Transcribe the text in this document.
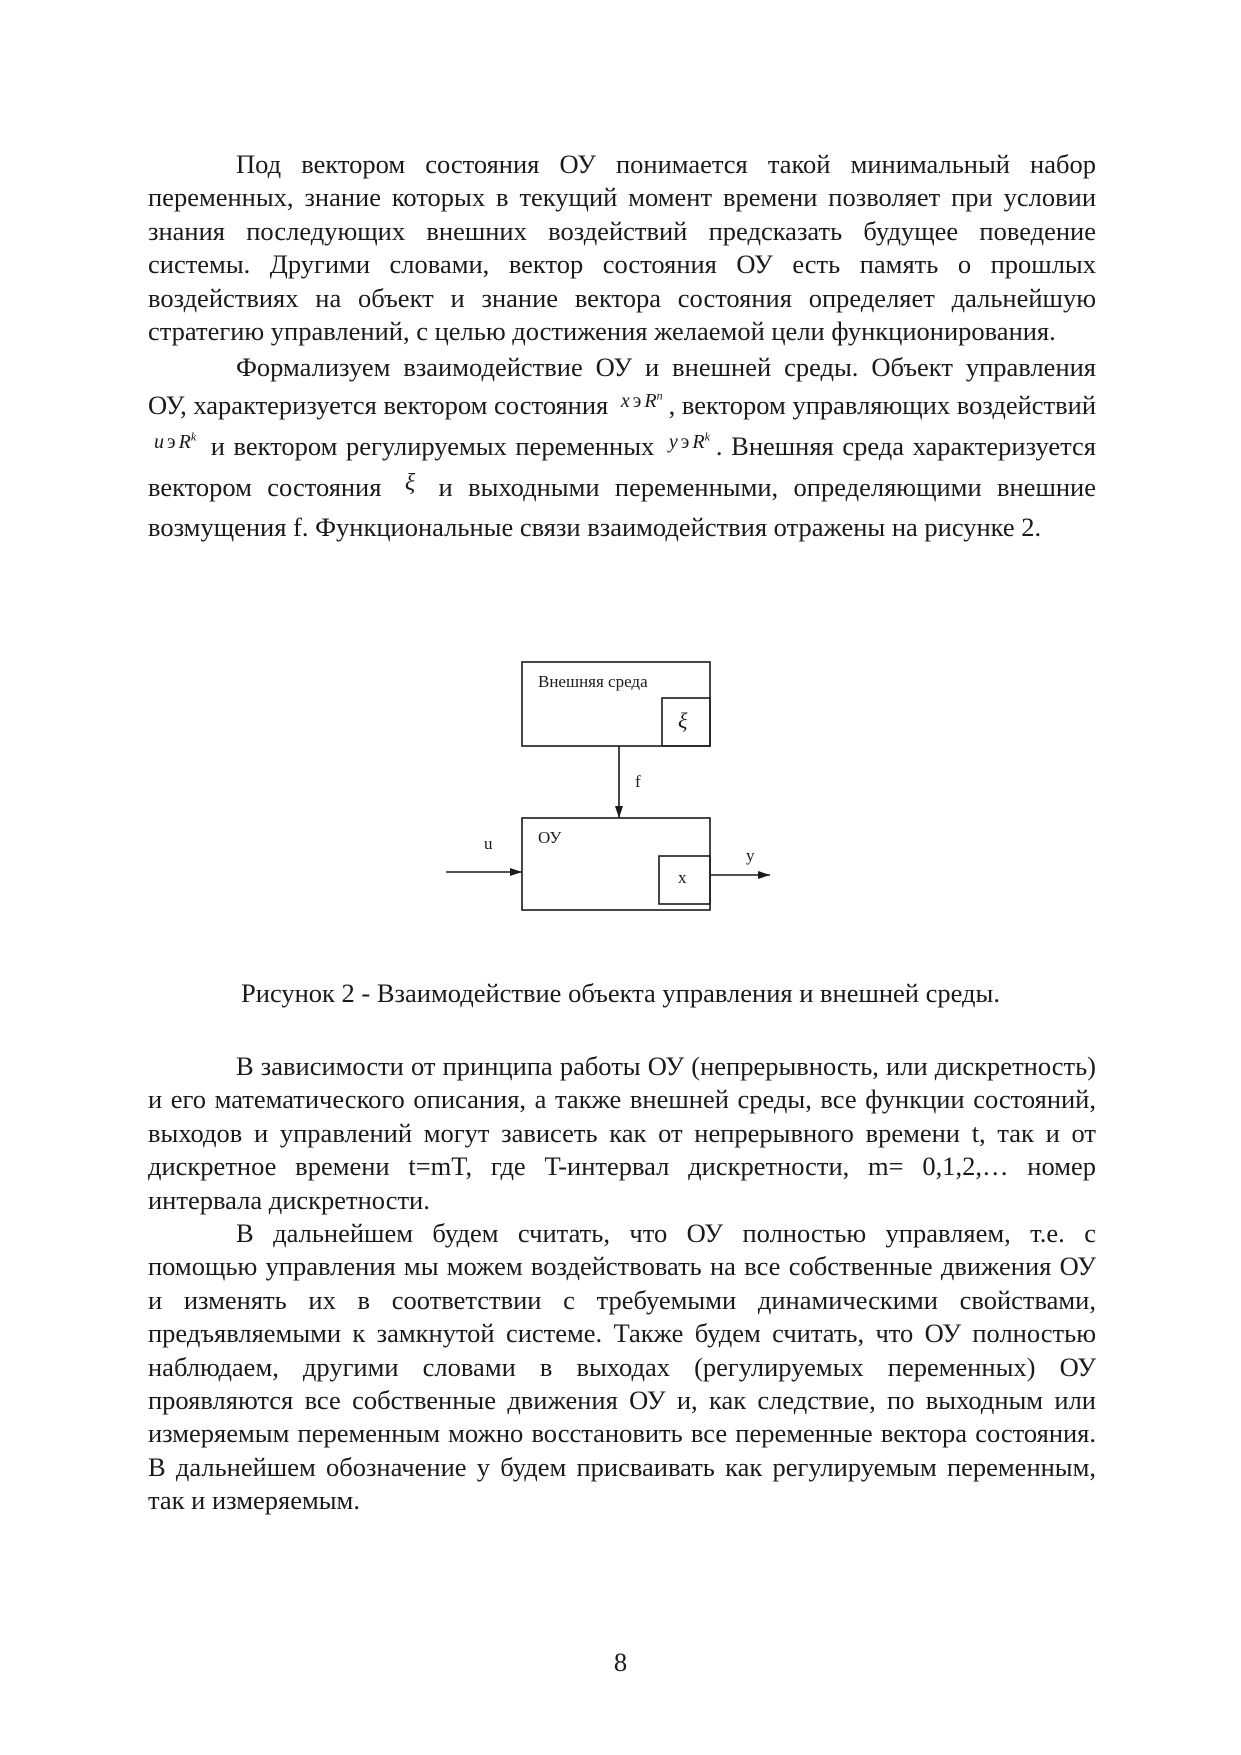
Под вектором состояния ОУ понимается такой минимальный набор переменных, знание которых в текущий момент времени позволяет при условии знания последующих внешних воздействий предсказать будущее поведение системы. Другими словами, вектор состояния ОУ есть память о прошлых воздействиях на объект и знание вектора состояния определяет дальнейшую стратегию управлений, с целью достижения желаемой цели функционирования.

Формализуем взаимодействие ОУ и внешней среды. Объект управления ОУ, характеризуется вектором состояния $^{x э R^n}$ , вектором управляющих воздействий $^{u э R^k}$ и вектором регулируемых переменных $^{y э R^k}$ . Внешняя среда характеризуется вектором состояния ξ и выходными переменными, определяющими внешние возмущения f. Функциональные связи взаимодействия отражены на рисунке 2.

Внешняя среда
ξ
f
ОУ
x
u
y
Рисунок 2 - Взаимодействие объекта управления и внешней среды.

В зависимости от принципа работы ОУ (непрерывность, или дискретность) и его математического описания, а также внешней среды, все функции состояний, выходов и управлений могут зависеть как от непрерывного времени t, так и от дискретное времени t=mT, где T-интервал дискретности, m= 0,1,2,… номер интервала дискретности.

В дальнейшем будем считать, что ОУ полностью управляем, т.е. с помощью управления мы можем воздействовать на все собственные движения ОУ и изменять их в соответствии с требуемыми динамическими свойствами, предъявляемыми к замкнутой системе. Также будем считать, что ОУ полностью наблюдаем, другими словами в выходах (регулируемых переменных) ОУ проявляются все собственные движения ОУ и, как следствие, по выходным или измеряемым переменным можно восстановить все переменные вектора состояния. В дальнейшем обозначение y будем присваивать как регулируемым переменным, так и измеряемым.

8
